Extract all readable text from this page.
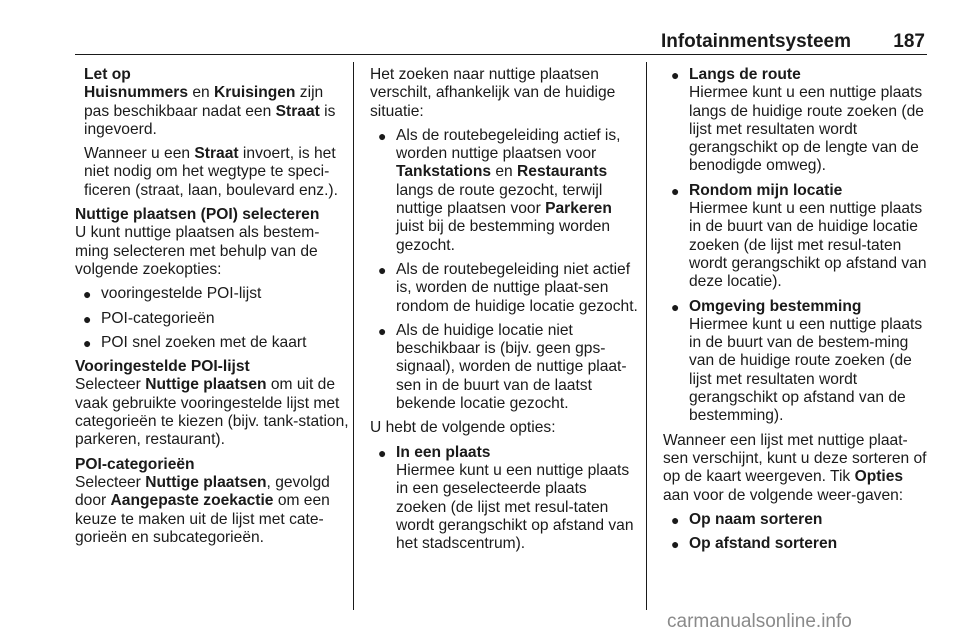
Infotainmentsysteem 187

Let op

Huisnummers en Kruisingen zijn pas beschikbaar nadat een Straat is ingevoerd.

Wanneer u een Straat invoert, is het niet nodig om het wegtype te speci-ficeren (straat, laan, boulevard enz.).

Nuttige plaatsen (POI) selecteren

U kunt nuttige plaatsen als bestem-ming selecteren met behulp van de volgende zoekopties:

● vooringestelde POI-lijst
● POI-categorieën
● POI snel zoeken met de kaart

Vooringestelde POI-lijst

Selecteer Nuttige plaatsen om uit de vaak gebruikte vooringestelde lijst met categorieën te kiezen (bijv. tank-station, parkeren, restaurant).

POI-categorieën

Selecteer Nuttige plaatsen, gevolgd door Aangepaste zoekactie om een keuze te maken uit de lijst met cate-gorieën en subcategorieën.

Het zoeken naar nuttige plaatsen verschilt, afhankelijk van de huidige situatie:

● Als de routebegeleiding actief is, worden nuttige plaatsen voor Tankstations en Restaurants langs de route gezocht, terwijl nuttige plaatsen voor Parkeren juist bij de bestemming worden gezocht.
● Als de routebegeleiding niet actief is, worden de nuttige plaat-sen rondom de huidige locatie gezocht.
● Als de huidige locatie niet beschikbaar is (bijv. geen gps-signaal), worden de nuttige plaat-sen in de buurt van de laatst bekende locatie gezocht.

U hebt de volgende opties:

● In een plaats

Hiermee kunt u een nuttige plaats in een geselecteerde plaats zoeken (de lijst met resul-taten wordt gerangschikt op afstand van het stadscentrum).

● Langs de route

Hiermee kunt u een nuttige plaats langs de huidige route zoeken (de lijst met resultaten wordt gerangschikt op de lengte van de benodigde omweg).

● Rondom mijn locatie

Hiermee kunt u een nuttige plaats in de buurt van de huidige locatie zoeken (de lijst met resul-taten wordt gerangschikt op afstand van deze locatie).

● Omgeving bestemming

Hiermee kunt u een nuttige plaats in de buurt van de bestem-ming van de huidige route zoeken (de lijst met resultaten wordt gerangschikt op afstand van de bestemming).

Wanneer een lijst met nuttige plaat-sen verschijnt, kunt u deze sorteren of op de kaart weergeven. Tik Opties aan voor de volgende weer-gaven:

● Op naam sorteren
● Op afstand sorteren
carmanualsonline.info
